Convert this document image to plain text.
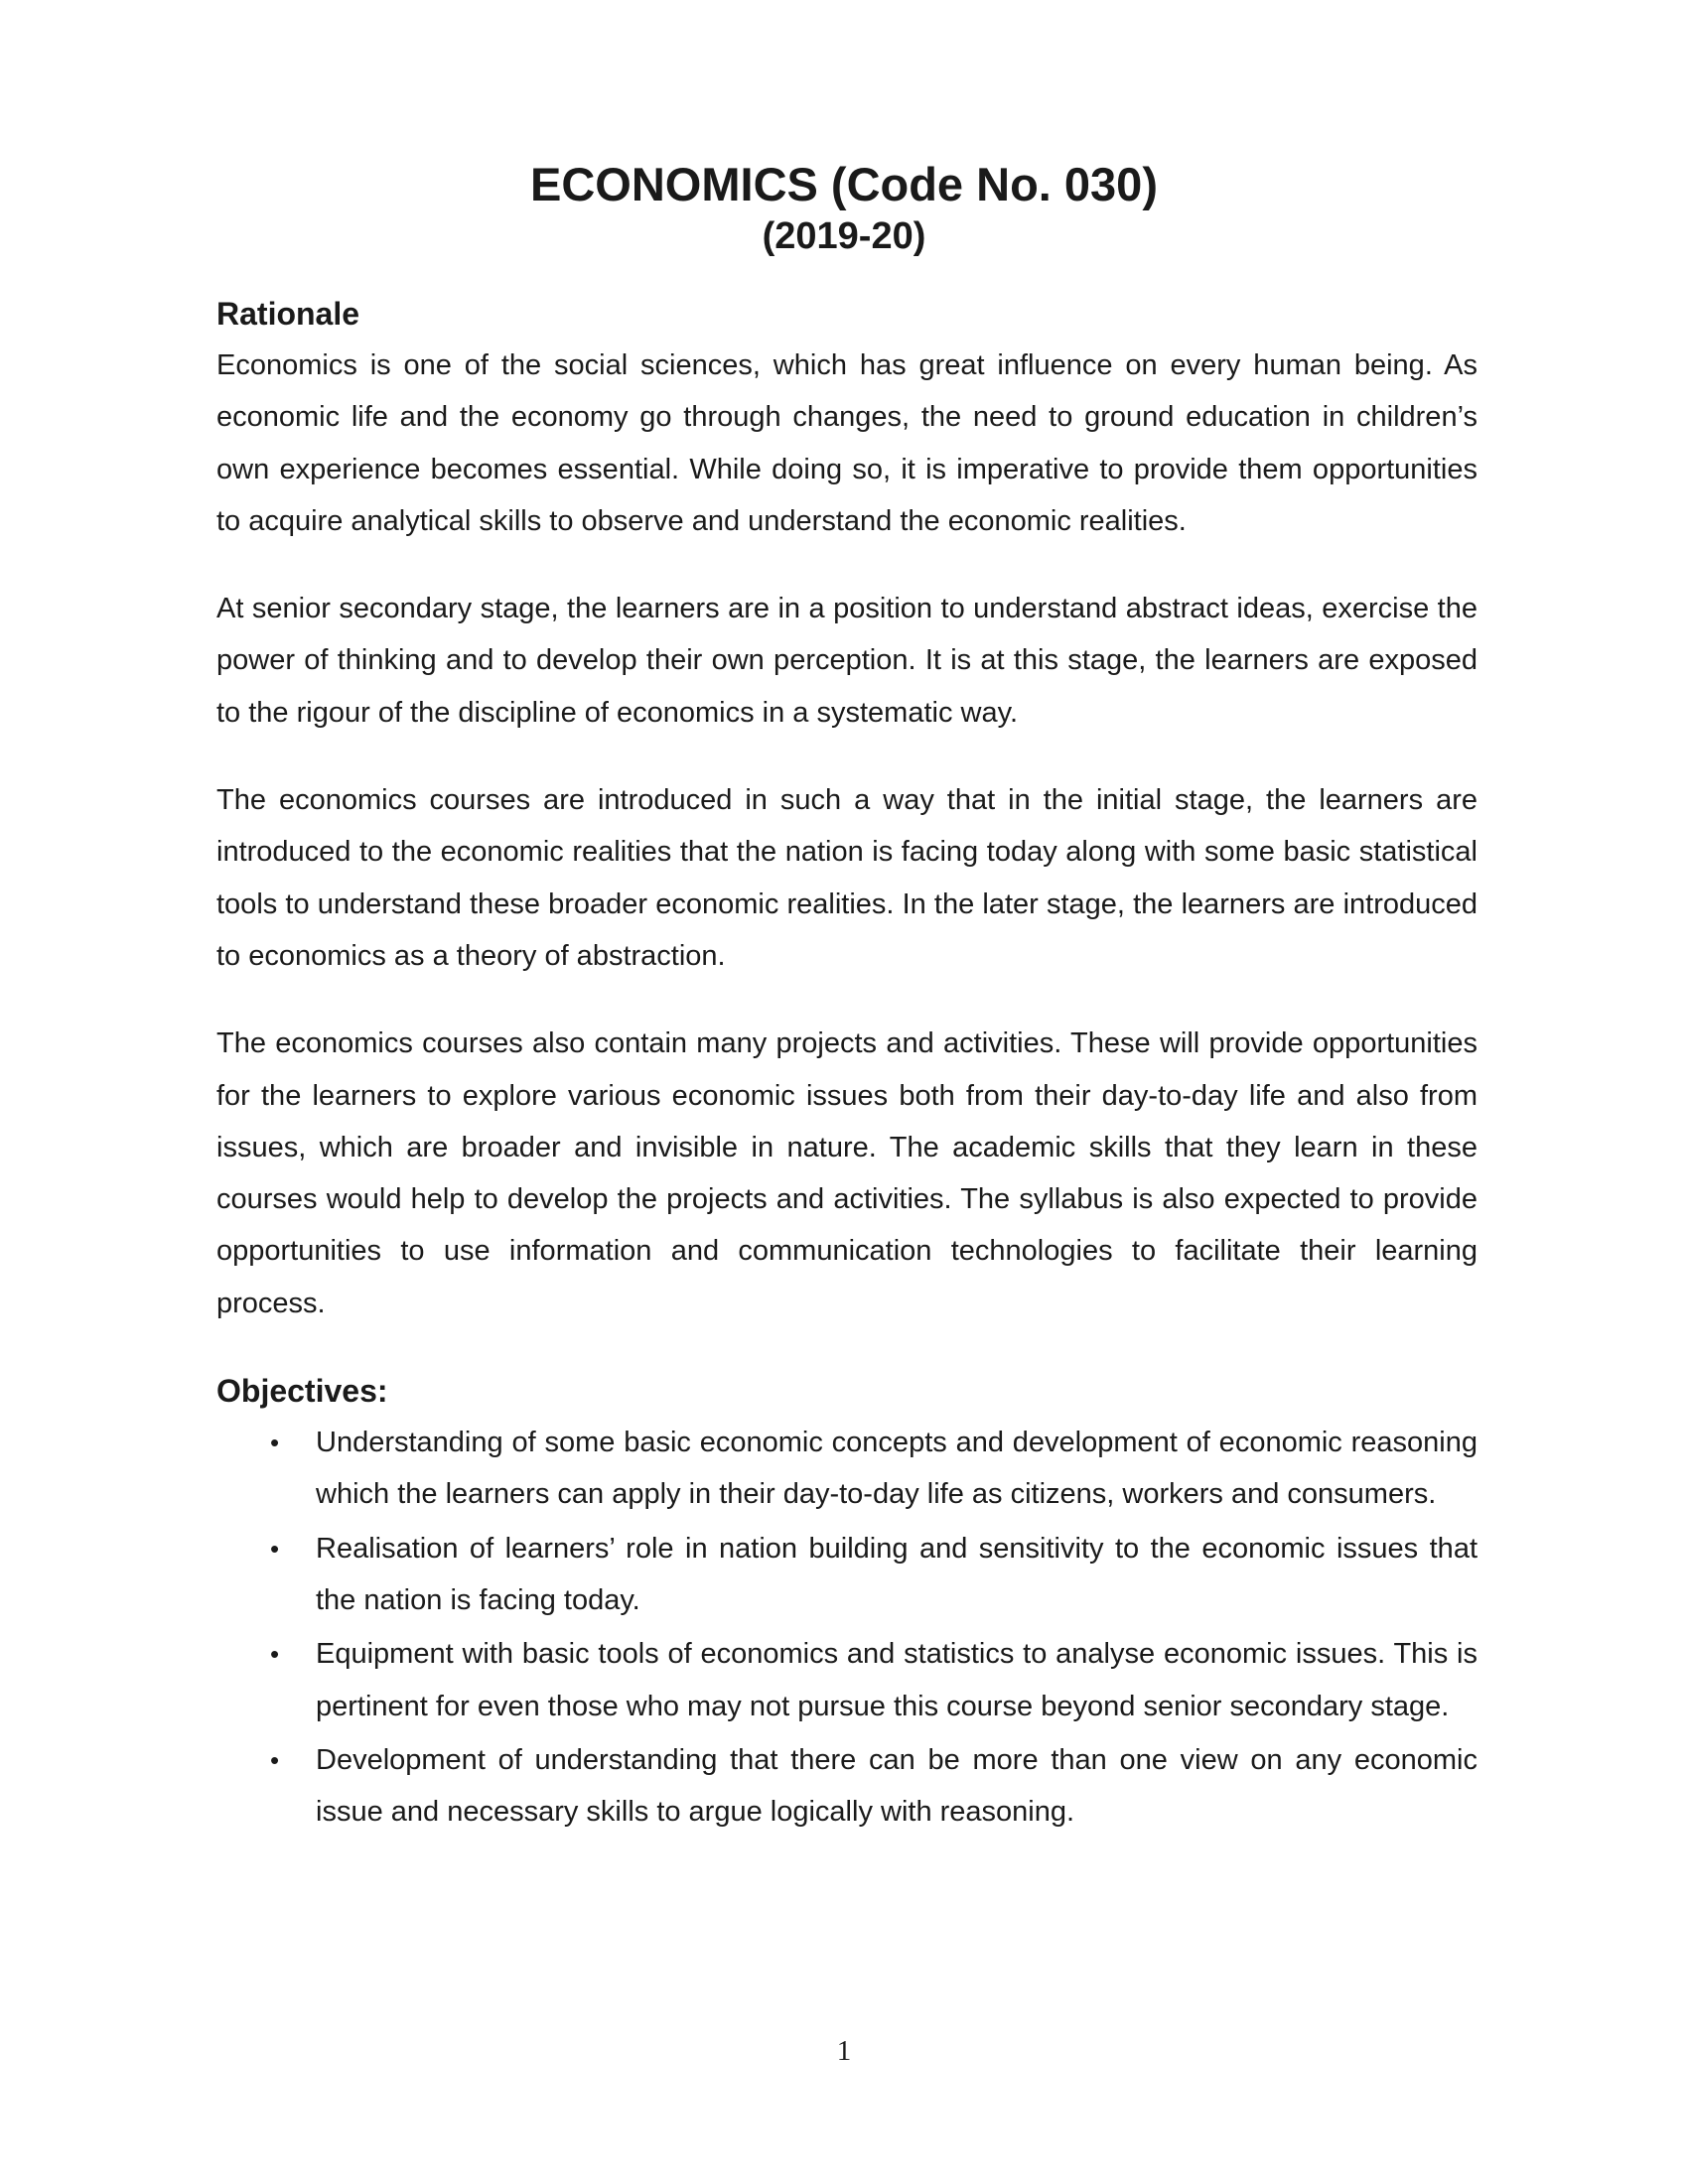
ECONOMICS (Code No. 030)
(2019-20)
Rationale

Economics is one of the social sciences, which has great influence on every human being. As economic life and the economy go through changes, the need to ground education in children’s own experience becomes essential. While doing so, it is imperative to provide them opportunities to acquire analytical skills to observe and understand the economic realities.

At senior secondary stage, the learners are in a position to understand abstract ideas, exercise the power of thinking and to develop their own perception. It is at this stage, the learners are exposed to the rigour of the discipline of economics in a systematic way.

The economics courses are introduced in such a way that in the initial stage, the learners are introduced to the economic realities that the nation is facing today along with some basic statistical tools to understand these broader economic realities. In the later stage, the learners are introduced to economics as a theory of abstraction.

The economics courses also contain many projects and activities. These will provide opportunities for the learners to explore various economic issues both from their day-to-day life and also from issues, which are broader and invisible in nature. The academic skills that they learn in these courses would help to develop the projects and activities. The syllabus is also expected to provide opportunities to use information and communication technologies to facilitate their learning process.

Objectives:
• Understanding of some basic economic concepts and development of economic reasoning which the learners can apply in their day-to-day life as citizens, workers and consumers.
• Realisation of learners’ role in nation building and sensitivity to the economic issues that the nation is facing today.
• Equipment with basic tools of economics and statistics to analyse economic issues. This is pertinent for even those who may not pursue this course beyond senior secondary stage.
• Development of understanding that there can be more than one view on any economic issue and necessary skills to argue logically with reasoning.
1
